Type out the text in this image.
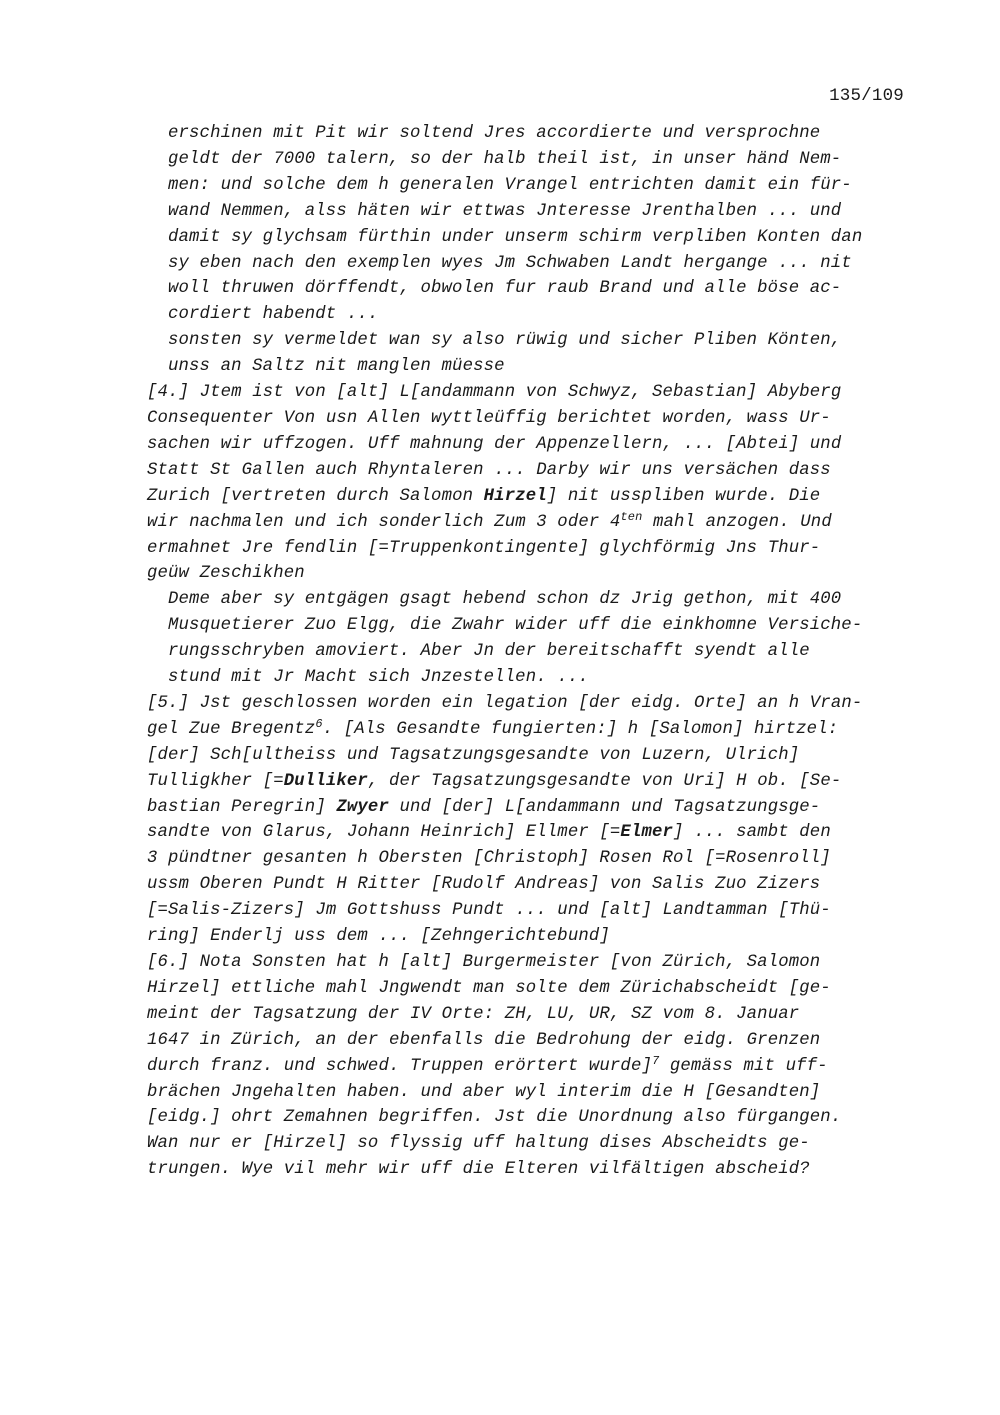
135/109

erschinen mit Pit wir soltend Jres accordierte und versprochne
geldt der 7000 talern, so der halb theil ist, in unser händ Nem-
men: und solche dem h generalen Vrangel entrichten damit ein für-
wand Nemmen, alss häten wir ettwas Jnteresse Jrenthalben ... und
damit sy glychsam fürthin under unserm schirm verpliben Konten dan
sy eben nach den exemplen wyes Jm Schwaben Landt hergange ... nit
woll thruwen dörffendt, obwolen fur raub Brand und alle böse ac-
cordiert habendt ...

sonsten sy vermeldet wan sy also rüwig und sicher Pliben Könten,
unss an Saltz nit manglen müesse

[4.] Jtem ist von [alt] L[andammann von Schwyz, Sebastian] Abyberg
Consequenter Von usn Allen wyttleüffig berichtet worden, wass Ur-
sachen wir uffzogen. Uff mahnung der Appenzellern, ... [Abtei] und
Statt St Gallen auch Rhyntaleren ... Darby wir uns versächen dass
Zurich [vertreten durch Salomon Hirzel] nit usspliben wurde. Die
wir nachmalen und ich sonderlich Zum 3 oder $4^{ten}$ mahl anzogen. Und
ermahnet Jre fendlin [=Truppenkontingente] glychförmig Jns Thur-
geüw Zeschikhen

Deme aber sy entgägen gsagt hebend schon dz Jrig gethon, mit 400
Musquetierer Zuo Elgg, die Zwahr wider uff die einkhomne Versiche-
rungsschryben amoviert. Aber Jn der bereitschafft syendt alle
stund mit Jr Macht sich Jnzestellen. ...

[5.] Jst geschlossen worden ein legation [der eidg. Orte] an h Vran-
gel Zue Bregentz$^6$. [Als Gesandte fungierten:] h [Salomon] hirtzel:
[der] Sch[ultheiss und Tagsatzungsgesandte von Luzern, Ulrich]
Tulligkher [=Dulliker, der Tagsatzungsgesandte von Uri] H ob. [Se-
bastian Peregrin] Zwyer und [der] L[andammann und Tagsatzungsge-
sandte von Glarus, Johann Heinrich] Ellmer [=Elmer] ... sambt den
3 pündtner gesanten h Obersten [Christoph] Rosen Rol [=Rosenroll]
ussm Oberen Pundt H Ritter [Rudolf Andreas] von Salis Zuo Zizers
[=Salis-Zizers] Jm Gottshuss Pundt ... und [alt] Landtamman [Thü-
ring] Enderlj uss dem ... [Zehngerichtebund]

[6.] Nota Sonsten hat h [alt] Burgermeister [von Zürich, Salomon
Hirzel] ettliche mahl Jngwendt man solte dem Zürichabscheidt [ge-
meint der Tagsatzung der IV Orte: ZH, LU, UR, SZ vom 8. Januar
1647 in Zürich, an der ebenfalls die Bedrohung der eidg. Grenzen
durch franz. und schwed. Truppen erörtert wurde]$^7$ gemäss mit uff-
brächen Jngehalten haben. und aber wyl interim die H [Gesandten]
[eidg.] ohrt Zemahnen begriffen. Jst die Unordnung also fürgangen.
Wan nur er [Hirzel] so flyssig uff haltung dises Abscheidts ge-
trungen. Wye vil mehr wir uff die Elteren vilfältigen abscheid?
